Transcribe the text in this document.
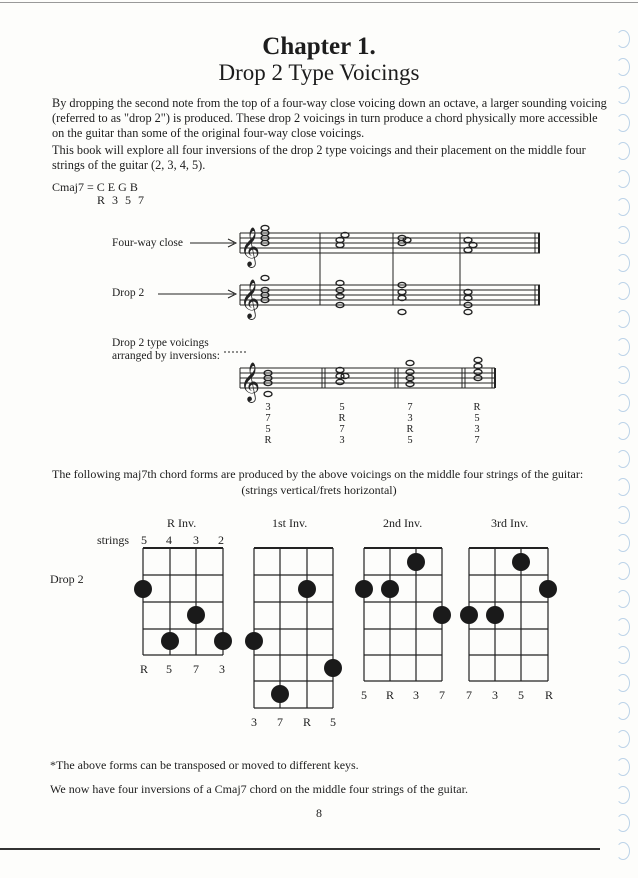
Chapter 1.
Drop 2 Type Voicings
By dropping the second note from the top of a four-way close voicing down an octave, a larger sounding voicing (referred to as "drop 2") is produced. These drop 2 voicings in turn produce a chord physically more accessible on the guitar than some of the original four-way close voicings.
This book will explore all four inversions of the drop 2 type voicings and their placement on the middle four strings of the guitar (2, 3, 4, 5).
Cmaj7 = C E G B
R 3 5 7
Four-way close
Drop 2
Drop 2 type voicings
arranged by inversions:
𝄞
𝄞
𝄞
3
7
5
R
5
R
7
3
7
3
R
5
R
5
3
7
The following maj7th chord forms are produced by the above voicings on the middle four strings of the guitar:
(strings vertical/frets horizontal)
R Inv.	1st Inv.	2nd Inv.	3rd Inv.
strings 5 4 3 2
Drop 2
R 5 7 3
3 7 R 5
5 R 3 7 7 3 5 R
*The above forms can be transposed or moved to different keys.
We now have four inversions of a Cmaj7 chord on the middle four strings of the guitar.
8
